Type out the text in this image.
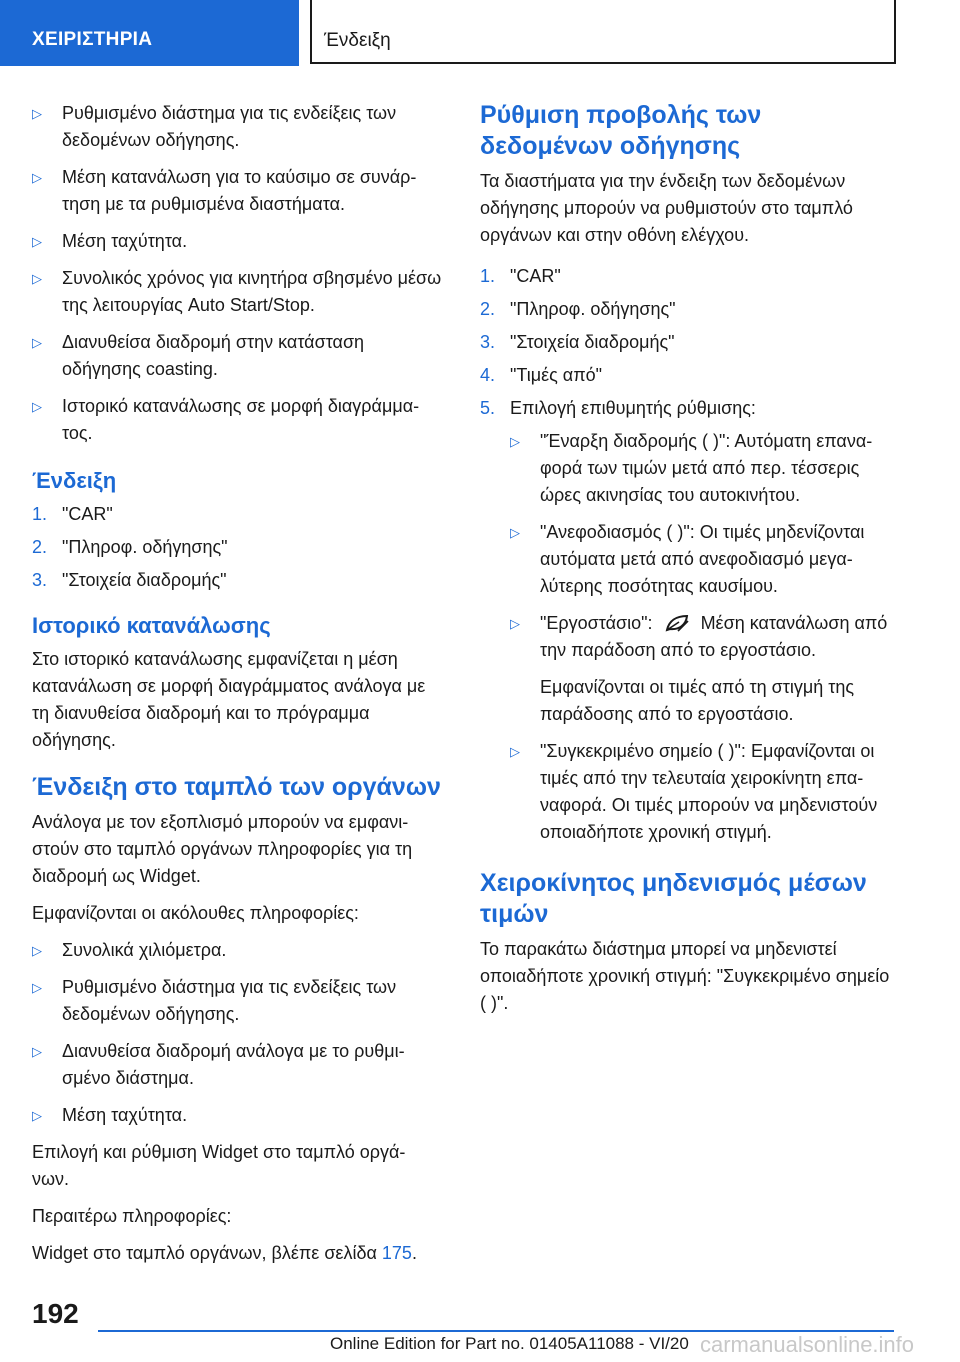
ΧΕΙΡΙΣΤΗΡΙΑ	Ένδειξη
▷ Ρυθμισμένο διάστημα για τις ενδείξεις των δεδομένων οδήγησης.
▷ Μέση κατανάλωση για το καύσιμο σε συνάρ-τηση με τα ρυθμισμένα διαστήματα.
▷ Μέση ταχύτητα.
▷ Συνολικός χρόνος για κινητήρα σβησμένο μέσω της λειτουργίας Auto Start/Stop.
▷ Διανυθείσα διαδρομή στην κατάσταση οδήγησης coasting.
▷ Ιστορικό κατανάλωσης σε μορφή διαγράμμα-τος.
Ένδειξη
1. "CAR"
2. "Πληροφ. οδήγησης"
3. "Στοιχεία διαδρομής"
Ιστορικό κατανάλωσης

Στο ιστορικό κατανάλωσης εμφανίζεται η μέση κατανάλωση σε μορφή διαγράμματος ανάλογα με τη διανυθείσα διαδρομή και το πρόγραμμα οδήγησης.

Ένδειξη στο ταμπλό των οργάνων

Ανάλογα με τον εξοπλισμό μπορούν να εμφανι-στούν στο ταμπλό οργάνων πληροφορίες για τη διαδρομή ως Widget.

Εμφανίζονται οι ακόλουθες πληροφορίες:

▷ Συνολικά χιλιόμετρα.
▷ Ρυθμισμένο διάστημα για τις ενδείξεις των δεδομένων οδήγησης.
▷ Διανυθείσα διαδρομή ανάλογα με το ρυθμι-σμένο διάστημα.
▷ Μέση ταχύτητα.

Επιλογή και ρύθμιση Widget στο ταμπλό οργά-νων.

Περαιτέρω πληροφορίες:

Widget στο ταμπλό οργάνων, βλέπε σελίδα 175.

Ρύθμιση προβολής των δεδομένων οδήγησης

Τα διαστήματα για την ένδειξη των δεδομένων οδήγησης μπορούν να ρυθμιστούν στο ταμπλό οργάνων και στην οθόνη ελέγχου.

1. "CAR"
2. "Πληροφ. οδήγησης"
3. "Στοιχεία διαδρομής"
4. "Τιμές από"
5. Επιλογή επιθυμητής ρύθμισης:
▷ "Έναρξη διαδρομής ( )": Αυτόματη επανα-φορά των τιμών μετά από περ. τέσσερις ώρες ακινησίας του αυτοκινήτου.
▷ "Ανεφοδιασμός ( )": Οι τιμές μηδενίζονται αυτόματα μετά από ανεφοδιασμό μεγα-λύτερης ποσότητας καυσίμου.
▷ "Εργοστάσιο":	Μέση κατανάλωση από την παράδοση από το εργοστάσιο.

Εμφανίζονται οι τιμές από τη στιγμή της παράδοσης από το εργοστάσιο.

▷ "Συγκεκριμένο σημείο ( )": Εμφανίζονται οι τιμές από την τελευταία χειροκίνητη επα-ναφορά. Οι τιμές μπορούν να μηδενιστούν οποιαδήποτε χρονική στιγμή.
Χειροκίνητος μηδενισμός μέσων τιμών

Το παρακάτω διάστημα μπορεί να μηδενιστεί οποιαδήποτε χρονική στιγμή: "Συγκεκριμένο σημείο ( )".

192
Online Edition for Part no. 01405A11088 - VI/20 carmanualsonline.info
